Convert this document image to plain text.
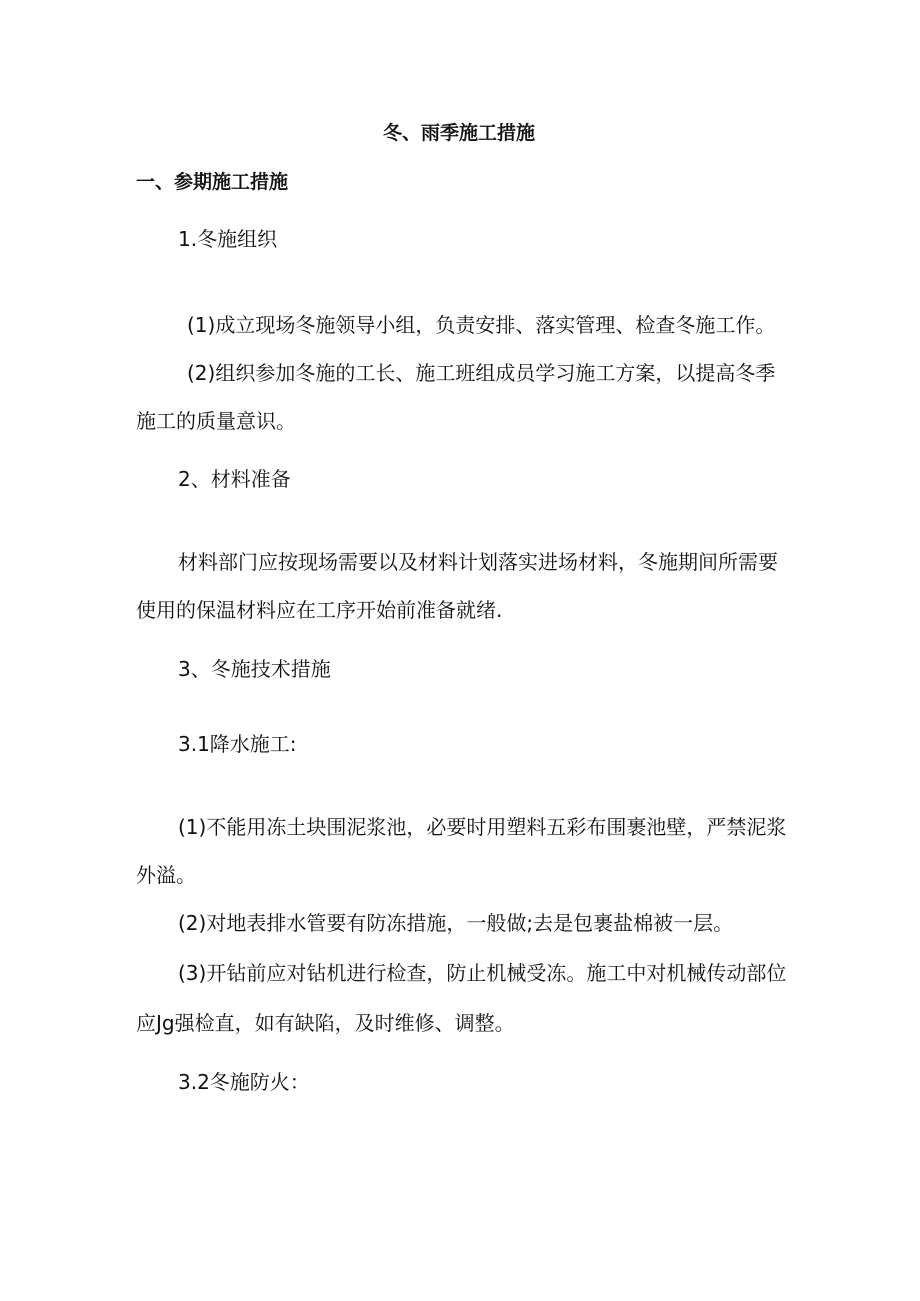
冬、雨季施工措施
一、参期施工措施
1.冬施组织
(1)成立现场冬施领导小组，负责安排、落实管理、检查冬施工作。
(2)组织参加冬施的工长、施工班组成员学习施工方案，以提高冬季
施工的质量意识。
2、材料准备
材料部门应按现场需要以及材料计划落实进场材料，冬施期间所需要
使用的保温材料应在工序开始前准备就绪.
3、冬施技术措施
3.1降水施工:
(1)不能用冻土块围泥浆池，必要时用塑料五彩布围裹池壁，严禁泥浆
外溢。
(2)对地表排水管要有防冻措施，一般做;去是包裹盐棉被一层。
(3)开钻前应对钻机进行检查，防止机械受冻。施工中对机械传动部位
应Jg强检直，如有缺陷，及时维修、调整。
3.2冬施防火：
